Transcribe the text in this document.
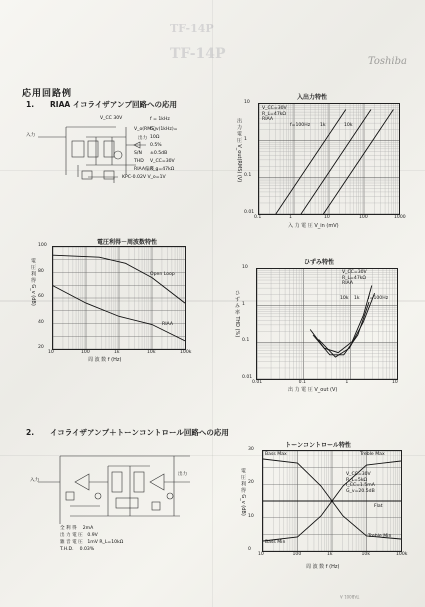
TF-14P
TF-14P	Toshiba
応用回路例
1. RIAA イコライザアンプ回路への応用
入力
V_CC 30V
出力
f = 1kHz
G_v(1kHz)=
10Ω
0.5%
±0.5dB
V_CC=30V
R_g=47kΩ
KPC-0.02V V_o=1V
V_o(RMS)
S/N
THD
RIAA偏差
入出力特性
出 力 電 圧 V_out(RMS) (V)
入 力 電 圧 V_in (mV)
V_CC=30V
R_L=47kΩ
RIAA
f=100Hz 1k	10k
電圧利得－周波数特性
電 圧 利 得 G_v (dB)
周 波 数 f (Hz)
Open Loop
RIAA
ひずみ特性
ひ ず み 率 THD (%)
出 力 電 圧 V_out (V)
V_CC=30V
R_L=47kΩ
RIAA
10k 1k f=100Hz
2. イコライザアンプ＋トーンコントロール回路への応用
入力
出力
全 利 得 　2mA
出 力 電 圧　0.9V
雑 音 電 圧　1mV R_L=10kΩ
T.H.D. 　0.03%
トーンコントロール特性
電 圧 利 得 G_v (dB)
周 波 数 f (Hz)
Bass Max	Treble Max
Bass Min
Treble Min
V_CC=30V
R_L=5kΩ
I_CC=1.5mA
G_v=20.5dB
Flat
TAB001 A
10
1
0.1
0.01
0.1	1	10	100	1000
100
80
60
40
20
10	100	1k	10k	100k
10
1
0.1
0.01
0.01	0.1	1	10
30
20
10
0
10	100	1k	10k	100k
